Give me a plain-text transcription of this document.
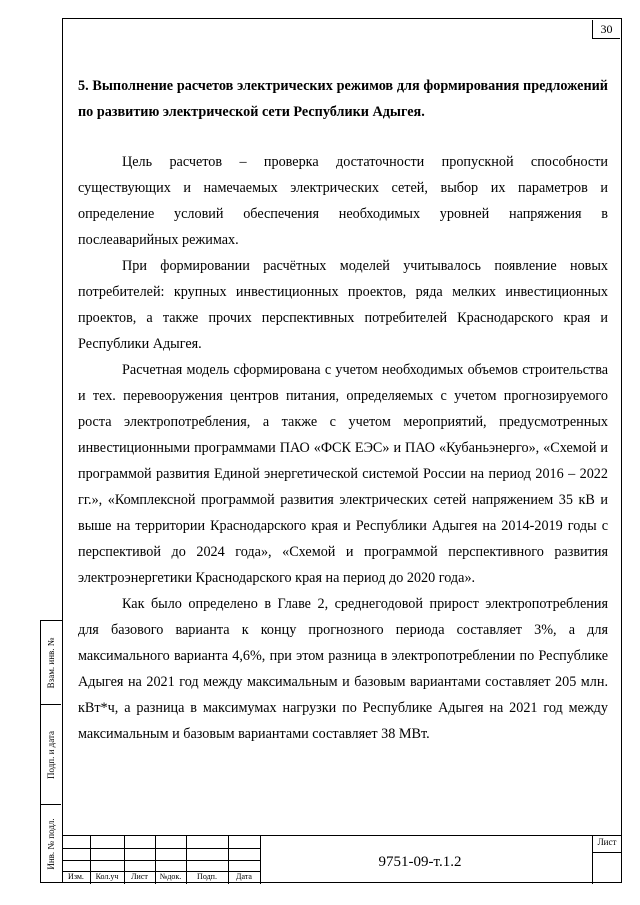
30
5. Выполнение расчетов электрических режимов для формирования предложений по развитию электрической сети Республики Адыгея.

Цель расчетов – проверка достаточности пропускной способности существующих и намечаемых электрических сетей, выбор их параметров и определение условий обеспечения необходимых уровней напряжения в послеаварийных режимах.

При формировании расчётных моделей учитывалось появление новых потребителей: крупных инвестиционных проектов, ряда мелких инвестиционных проектов, а также прочих перспективных потребителей Краснодарского края и Республики Адыгея.

Расчетная модель сформирована с учетом необходимых объемов строительства и тех. перевооружения центров питания, определяемых с учетом прогнозируемого роста электропотребления, а также с учетом мероприятий, предусмотренных инвестиционными программами ПАО «ФСК ЕЭС» и ПАО «Кубаньэнерго», «Схемой и программой развития Единой энергетической системой России на период 2016 – 2022 гг.», «Комплексной программой развития электрических сетей напряжением 35 кВ и выше на территории Краснодарского края и Республики Адыгея на 2014-2019 годы с перспективой до 2024 года», «Схемой и программой перспективного развития электроэнергетики Краснодарского края на период до 2020 года».

Как было определено в Главе 2, среднегодовой прирост электропотребления для базового варианта к концу прогнозного периода составляет 3%, а для максимального варианта 4,6%, при этом разница в электропотреблении по Республике Адыгея на 2021 год между максимальным и базовым вариантами составляет 205 млн. кВт*ч, а разница в максимумах нагрузки по Республике Адыгея на 2021 год между максимальным и базовым вариантами составляет 38 МВт.

Взам. инв. №
Подп. и дата
Инв. № подл.
Изм.	Кол.уч	Лист	№док.	Подп.	Дата
9751-09-т.1.2
Лист
